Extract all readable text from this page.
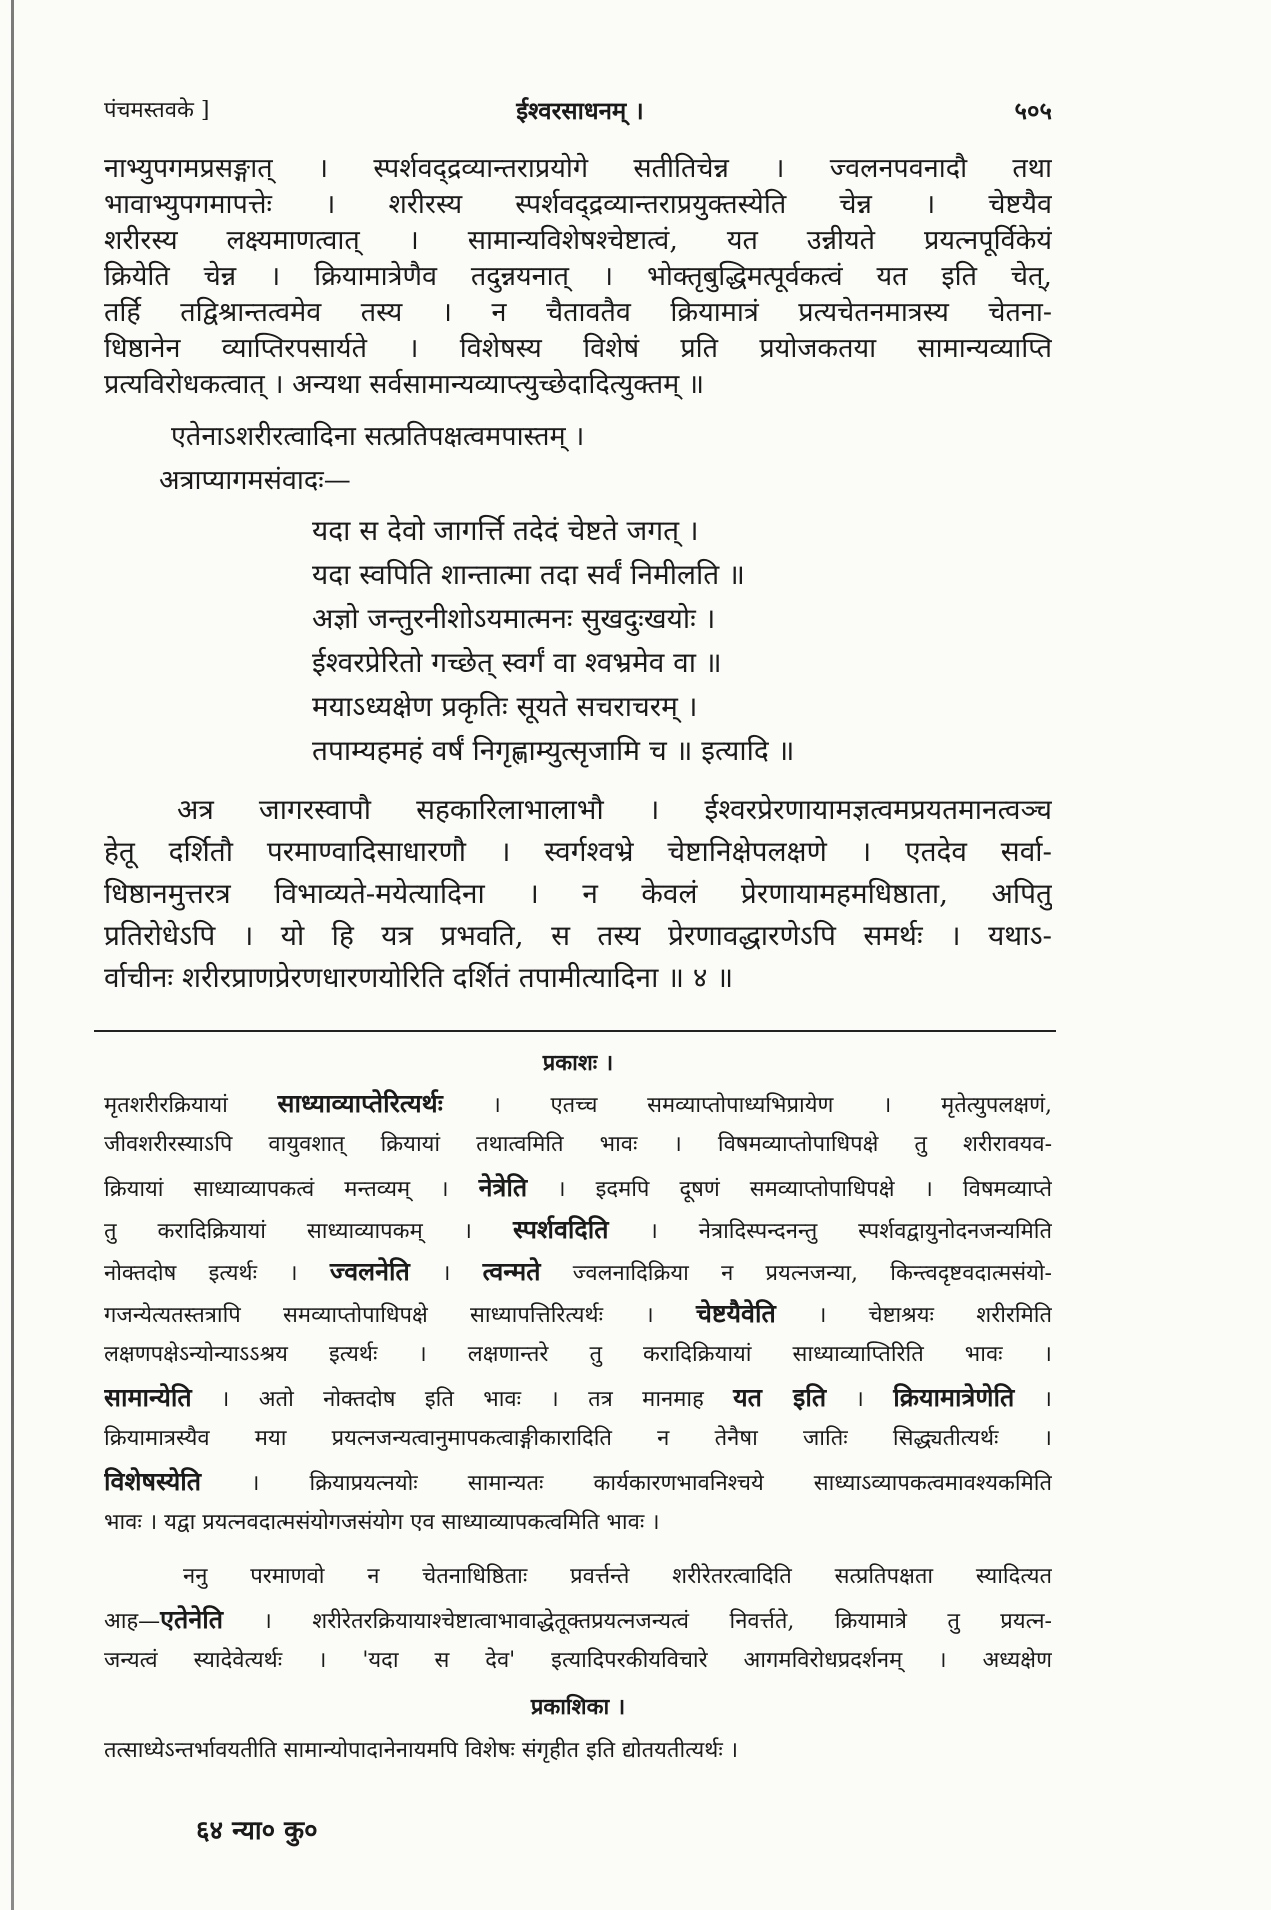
पंचमस्तवके ]	ईश्वरसाधनम् ।	५०५
नाभ्युपगमप्रसङ्गात् । स्पर्शवद्द्रव्यान्तराप्रयोगे सतीतिचेन्न । ज्वलनपवनादौ तथा
भावाभ्युपगमापत्तेः । शरीरस्य स्पर्शवद्द्रव्यान्तराप्रयुक्तस्येति चेन्न । चेष्टयैव
शरीरस्य लक्ष्यमाणत्वात् । सामान्यविशेषश्चेष्टात्वं, यत उन्नीयते प्रयत्नपूर्विकेयं
क्रियेति चेन्न । क्रियामात्रेणैव तदुन्नयनात् । भोक्तृबुद्धिमत्पूर्वकत्वं यत इति चेत्,
तर्हि तद्विश्रान्तत्वमेव तस्य । न चैतावतैव क्रियामात्रं प्रत्यचेतनमात्रस्य चेतना-
धिष्ठानेन व्याप्तिरपसार्यते । विशेषस्य विशेषं प्रति प्रयोजकतया सामान्यव्याप्ति
प्रत्यविरोधकत्वात् । अन्यथा सर्वसामान्यव्याप्त्युच्छेदादित्युक्तम् ॥
एतेनाऽशरीरत्वादिना सत्प्रतिपक्षत्वमपास्तम् ।
अत्राप्यागमसंवादः—
यदा स देवो जागर्त्ति तदेदं चेष्टते जगत् ।
यदा स्वपिति शान्तात्मा तदा सर्वं निमीलति ॥
अज्ञो जन्तुरनीशोऽयमात्मनः सुखदुःखयोः ।
ईश्वरप्रेरितो गच्छेत् स्वर्गं वा श्वभ्रमेव वा ॥
मयाऽध्यक्षेण प्रकृतिः सूयते सचराचरम् ।
तपाम्यहमहं वर्षं निगृह्णाम्युत्सृजामि च ॥ इत्यादि ॥
अत्र जागरस्वापौ सहकारिलाभालाभौ । ईश्वरप्रेरणायामज्ञत्वमप्रयतमानत्वञ्च
हेतू दर्शितौ परमाण्वादिसाधारणौ । स्वर्गश्वभ्रे चेष्टानिक्षेपलक्षणे । एतदेव सर्वा-
धिष्ठानमुत्तरत्र विभाव्यते-मयेत्यादिना । न केवलं प्रेरणायामहमधिष्ठाता, अपितु
प्रतिरोधेऽपि । यो हि यत्र प्रभवति, स तस्य प्रेरणावद्धारणेऽपि समर्थः । यथाऽ-
र्वाचीनः शरीरप्राणप्रेरणधारणयोरिति दर्शितं तपामीत्यादिना ॥ ४ ॥
प्रकाशः ।
मृतशरीरक्रियायां साध्याव्याप्तेरित्यर्थः । एतच्च समव्याप्तोपाध्यभिप्रायेण । मृतेत्युपलक्षणं,
जीवशरीरस्याऽपि वायुवशात् क्रियायां तथात्वमिति भावः । विषमव्याप्तोपाधिपक्षे तु शरीरावयव-
क्रियायां साध्याव्यापकत्वं मन्तव्यम् । नेत्रेति । इदमपि दूषणं समव्याप्तोपाधिपक्षे । विषमव्याप्ते
तु करादिक्रियायां साध्याव्यापकम् । स्पर्शवदिति । नेत्रादिस्पन्दनन्तु स्पर्शवद्वायुनोदनजन्यमिति
नोक्तदोष इत्यर्थः । ज्वलनेति । त्वन्मते ज्वलनादिक्रिया न प्रयत्नजन्या, किन्त्वदृष्टवदात्मसंयो-
गजन्येत्यतस्तत्रापि समव्याप्तोपाधिपक्षे साध्यापत्तिरित्यर्थः । चेष्टयैवेति । चेष्टाश्रयः शरीरमिति
लक्षणपक्षेऽन्योन्याऽऽश्रय इत्यर्थः । लक्षणान्तरे तु करादिक्रियायां साध्याव्याप्तिरिति भावः ।
सामान्येति । अतो नोक्तदोष इति भावः । तत्र मानमाह यत इति । क्रियामात्रेणेति ।
क्रियामात्रस्यैव मया प्रयत्नजन्यत्वानुमापकत्वाङ्गीकारादिति न तेनैषा जातिः सिद्ध्यतीत्यर्थः ।
विशेषस्येति । क्रियाप्रयत्नयोः सामान्यतः कार्यकारणभावनिश्चये साध्याऽव्यापकत्वमावश्यकमिति
भावः । यद्वा प्रयत्नवदात्मसंयोगजसंयोग एव साध्याव्यापकत्वमिति भावः ।
ननु परमाणवो न चेतनाधिष्ठिताः प्रवर्त्तन्ते शरीरेतरत्वादिति सत्प्रतिपक्षता स्यादित्यत
आह—एतेनेति । शरीरेतरक्रियायाश्चेष्टात्वाभावाद्धेतूक्तप्रयत्नजन्यत्वं निवर्त्तते, क्रियामात्रे तु प्रयत्न-
जन्यत्वं स्यादेवेत्यर्थः । 'यदा स देव' इत्यादिपरकीयविचारे आगमविरोधप्रदर्शनम् । अध्यक्षेण
प्रकाशिका ।
तत्साध्येऽन्तर्भावयतीति सामान्योपादानेनायमपि विशेषः संगृहीत इति द्योतयतीत्यर्थः ।
६४ न्या० कु०
